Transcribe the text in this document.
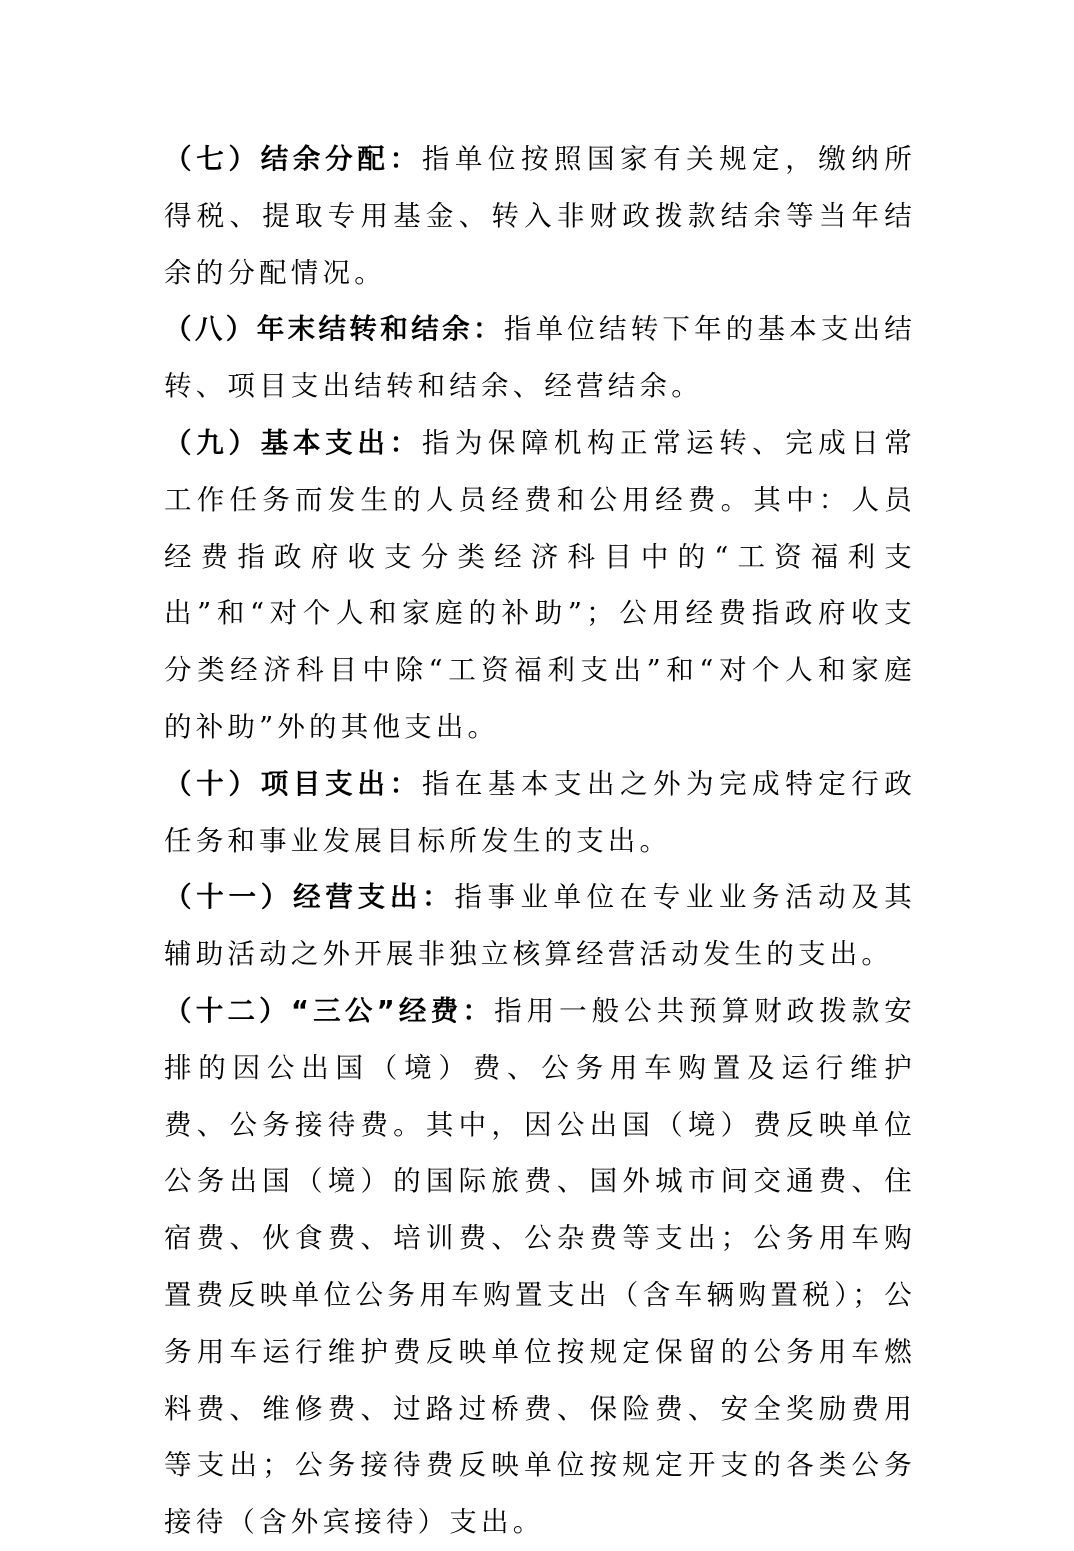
（七）结余分配：指单位按照国家有关规定，缴纳所得税、提取专用基金、转入非财政拨款结余等当年结余的分配情况。

（八）年末结转和结余：指单位结转下年的基本支出结转、项目支出结转和结余、经营结余。

（九）基本支出：指为保障机构正常运转、完成日常工作任务而发生的人员经费和公用经费。其中：人员经费指政府收支分类经济科目中的“工资福利支出”和“对个人和家庭的补助”；公用经费指政府收支分类经济科目中除“工资福利支出”和“对个人和家庭的补助”外的其他支出。

（十）项目支出：指在基本支出之外为完成特定行政任务和事业发展目标所发生的支出。

（十一）经营支出：指事业单位在专业业务活动及其辅助活动之外开展非独立核算经营活动发生的支出。

（十二）“三公”经费：指用一般公共预算财政拨款安排的因公出国（境）费、公务用车购置及运行维护费、公务接待费。其中，因公出国（境）费反映单位公务出国（境）的国际旅费、国外城市间交通费、住宿费、伙食费、培训费、公杂费等支出；公务用车购置费反映单位公务用车购置支出（含车辆购置税）；公务用车运行维护费反映单位按规定保留的公务用车燃料费、维修费、过路过桥费、保险费、安全奖励费用等支出；公务接待费反映单位按规定开支的各类公务接待（含外宾接待）支出。
